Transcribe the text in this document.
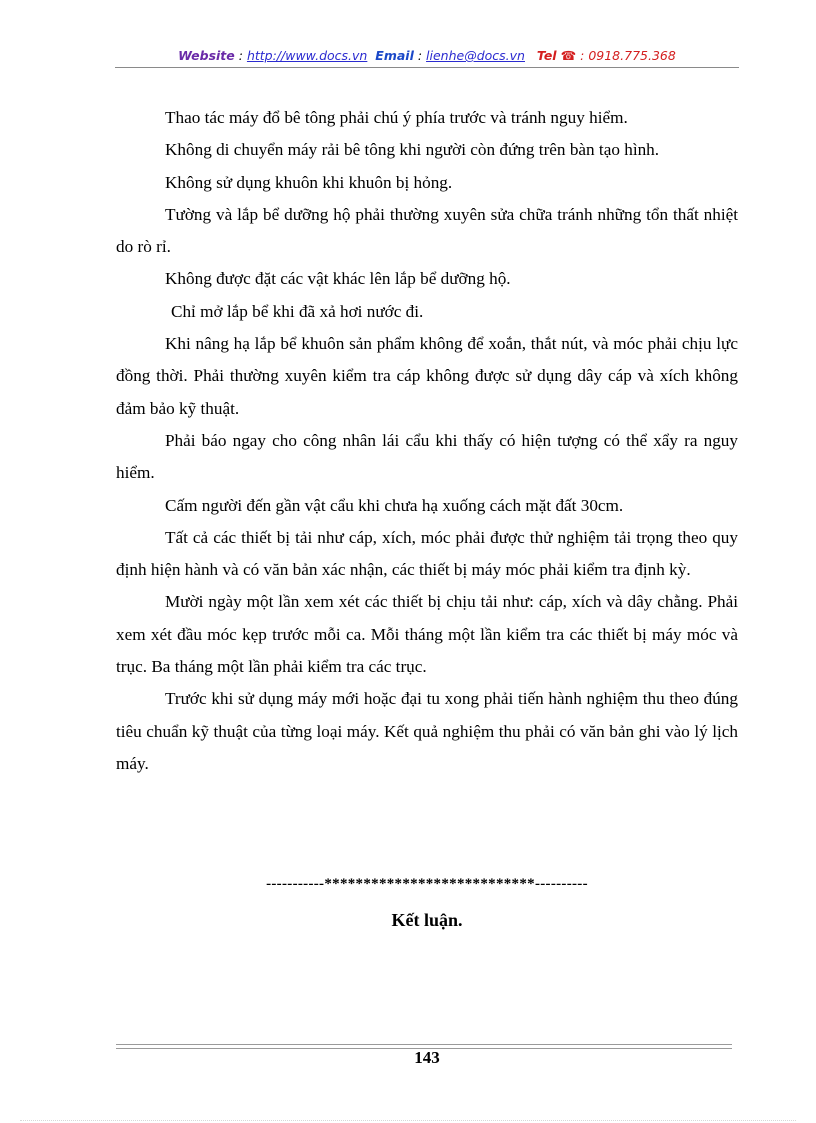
Website : http://www.docs.vn Email : lienhe@docs.vn Tel ☎ : 0918.775.368

Thao tác máy đổ bê tông phải chú ý phía trước và tránh nguy hiểm.

Không di chuyển máy rải bê tông khi người còn đứng trên bàn tạo hình.

Không sử dụng khuôn khi khuôn bị hỏng.

Tường và lắp bể dưỡng hộ phải thường xuyên sửa chữa tránh những tổn thất nhiệt do rò rỉ.

Không được đặt các vật khác lên lắp bể dưỡng hộ.

Chỉ mở lắp bể khi đã xả hơi nước đi.

Khi nâng hạ lắp bể khuôn sản phẩm không để xoắn, thắt nút, và móc phải chịu lực đồng thời. Phải thường xuyên kiểm tra cáp không được sử dụng dây cáp và xích không đảm bảo kỹ thuật.

Phải báo ngay cho công nhân lái cẩu khi thấy có hiện tượng có thể xẩy ra nguy hiểm.

Cấm người đến gần vật cẩu khi chưa hạ xuống cách mặt đất 30cm.

Tất cả các thiết bị tải như cáp, xích, móc phải được thử nghiệm tải trọng theo quy định hiện hành và có văn bản xác nhận, các thiết bị máy móc phải kiểm tra định kỳ.

Mười ngày một lần xem xét các thiết bị chịu tải như: cáp, xích và dây chằng. Phải xem xét đầu móc kẹp trước mỗi ca. Mỗi tháng một lần kiểm tra các thiết bị máy móc và trục. Ba tháng một lần phải kiểm tra các trục.

Trước khi sử dụng máy mới hoặc đại tu xong phải tiến hành nghiệm thu theo đúng tiêu chuẩn kỹ thuật của từng loại máy. Kết quả nghiệm thu phải có văn bản ghi vào lý lịch máy.

-----------***************************----------
Kết luận.
143
